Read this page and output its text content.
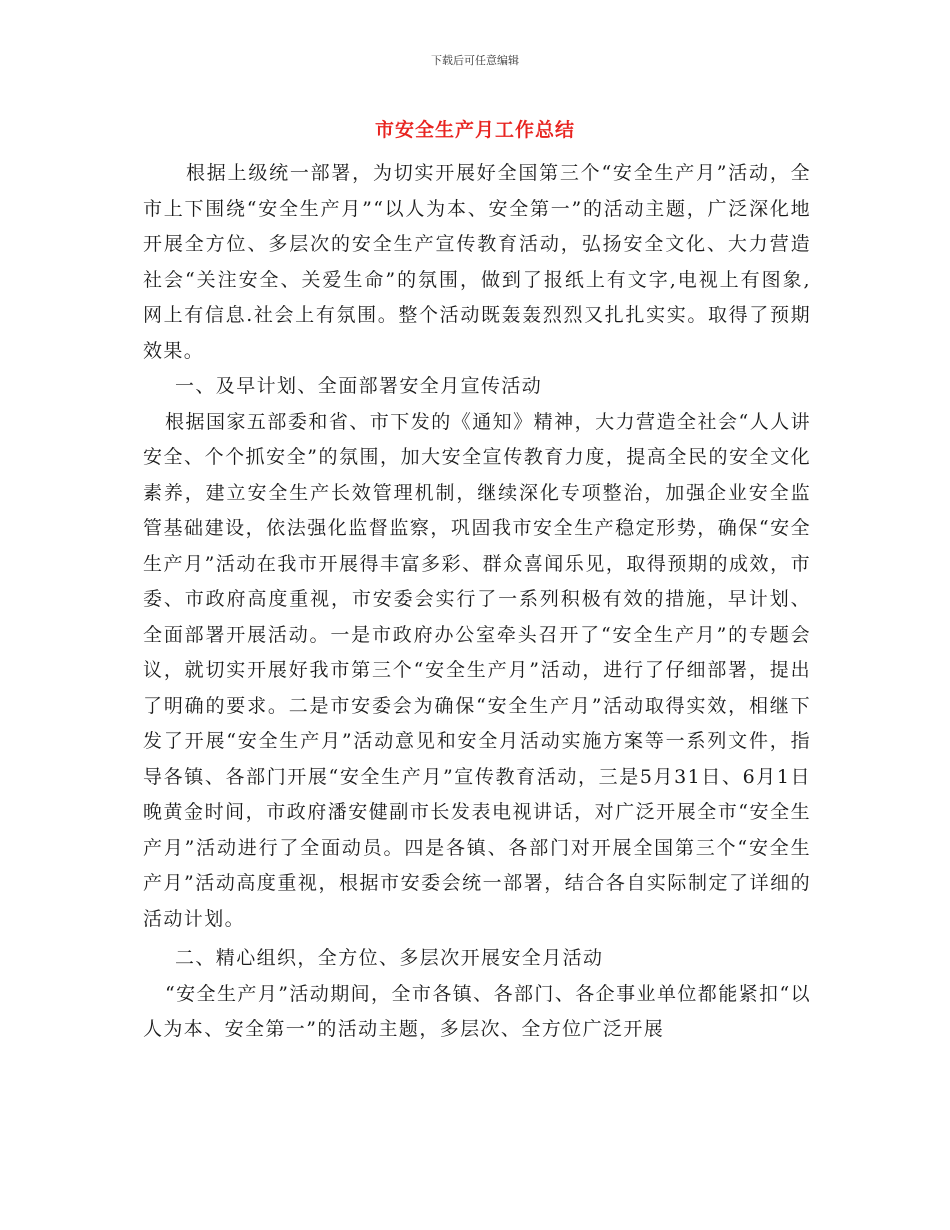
下载后可任意编辑
市安全生产月工作总结

根据上级统一部署，为切实开展好全国第三个“安全生产月”活动，全市上下围绕“安全生产月”“以人为本、安全第一”的活动主题，广泛深化地开展全方位、多层次的安全生产宣传教育活动，弘扬安全文化、大力营造社会“关注安全、关爱生命”的氛围，做到了报纸上有文字,电视上有图象,网上有信息.社会上有氛围。整个活动既轰轰烈烈又扎扎实实。取得了预期效果。

一、及早计划、全面部署安全月宣传活动

根据国家五部委和省、市下发的《通知》精神，大力营造全社会“人人讲安全、个个抓安全”的氛围，加大安全宣传教育力度，提高全民的安全文化素养，建立安全生产长效管理机制，继续深化专项整治，加强企业安全监管基础建设，依法强化监督监察，巩固我市安全生产稳定形势，确保“安全生产月”活动在我市开展得丰富多彩、群众喜闻乐见，取得预期的成效，市委、市政府高度重视，市安委会实行了一系列积极有效的措施，早计划、全面部署开展活动。一是市政府办公室牵头召开了“安全生产月”的专题会议，就切实开展好我市第三个“安全生产月”活动，进行了仔细部署，提出了明确的要求。二是市安委会为确保“安全生产月”活动取得实效，相继下发了开展“安全生产月”活动意见和安全月活动实施方案等一系列文件，指导各镇、各部门开展“安全生产月”宣传教育活动，三是5月31日、6月1日晚黄金时间，市政府潘安健副市长发表电视讲话，对广泛开展全市“安全生产月”活动进行了全面动员。四是各镇、各部门对开展全国第三个“安全生产月”活动高度重视，根据市安委会统一部署，结合各自实际制定了详细的活动计划。

二、精心组织，全方位、多层次开展安全月活动

“安全生产月”活动期间，全市各镇、各部门、各企事业单位都能紧扣“以人为本、安全第一”的活动主题，多层次、全方位广泛开展
